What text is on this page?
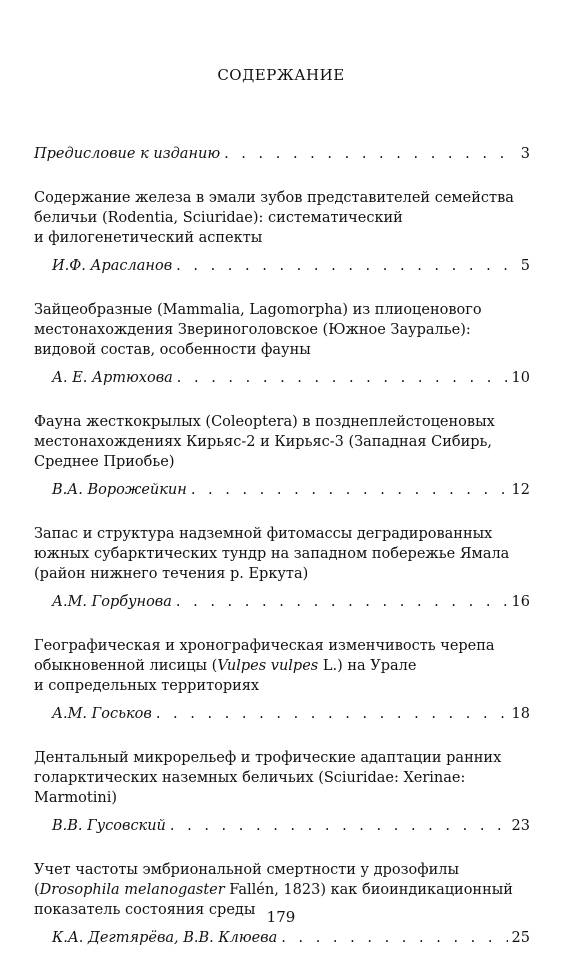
СОДЕРЖАНИЕ
Предисловие к изданию . . .	3
Содержание железа в эмали зубов представителей семейства
беличьи (Rodentia, Sciuridae): систематический
и филогенетический аспекты
И.Ф. Арасланов . . .	5
Зайцеобразные (Mammalia, Lagomorpha) из плиоценового
местонахождения Звериноголовское (Южное Зауралье):
видовой состав, особенности фауны
А. Е. Артюхова . . .	10
Фауна жесткокрылых (Coleoptera) в позднеплейстоценовых
местонахождениях Кирьяс-2 и Кирьяс-3 (Западная Сибирь,
Среднее Приобье)
В.А. Ворожейкин . . .	12
Запас и структура надземной фитомассы деградированных
южных субарктических тундр на западном побережье Ямала
(район нижнего течения р. Еркута)
А.М. Горбунова . . .	16
Географическая и хронографическая изменчивость черепа
обыкновенной лисицы (Vulpes vulpes L.) на Урале
и сопредельных территориях
А.М. Госьков . . .	18
Дентальный микрорельеф и трофические адаптации ранних
голарктических наземных беличьих (Sciuridae: Xerinae: Marmotini)
В.В. Гусовский . . .	23
Учет частоты эмбриональной смертности у дрозофилы
(Drosophila melanogaster Fallén, 1823) как биоиндикационный
показатель состояния среды
К.А. Дегтярёва, В.В. Клюева . . .	25
179
